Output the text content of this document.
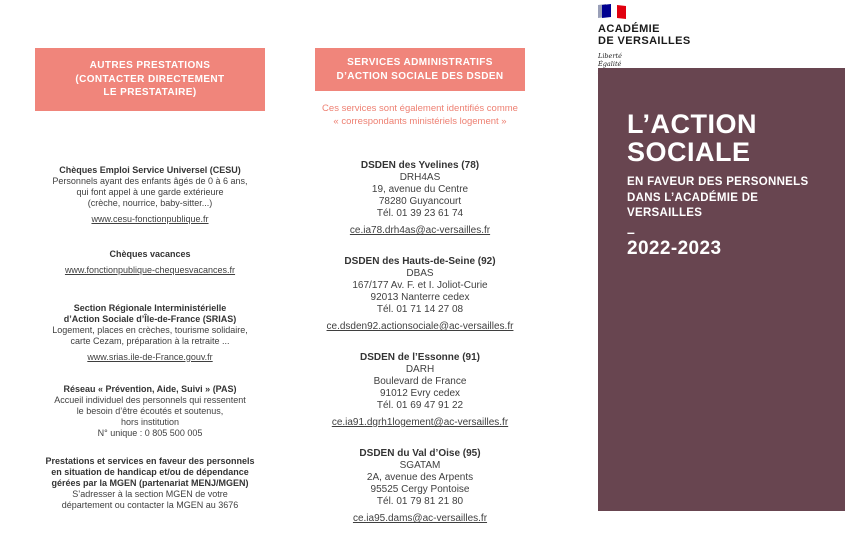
ACADÉMIE
DE VERSAILLES
Liberté
Égalité
AUTRES PRESTATIONS
(CONTACTER DIRECTEMENT
LE PRESTATAIRE)
Chèques Emploi Service Universel (CESU)
Personnels ayant des enfants âgés de 0 à 6 ans,
qui font appel à une garde extérieure
(crèche, nourrice, baby-sitter...)
www.cesu-fonctionpublique.fr
Chèques vacances
www.fonctionpublique-chequesvacances.fr
Section Régionale Interministérielle
d’Action Sociale d’Île-de-France (SRIAS)
Logement, places en crèches, tourisme solidaire,
carte Cezam, préparation à la retraite ...
www.srias.ile-de-France.gouv.fr
Réseau « Prévention, Aide, Suivi » (PAS)
Accueil individuel des personnels qui ressentent
le besoin d’être écoutés et soutenus,
hors institution
N° unique : 0 805 500 005
Prestations et services en faveur des personnels
en situation de handicap et/ou de dépendance
gérées par la MGEN (partenariat MENJ/MGEN)
S’adresser à la section MGEN de votre
département ou contacter la MGEN au 3676
SERVICES ADMINISTRATIFS
D’ACTION SOCIALE DES DSDEN
Ces services sont également identifiés comme
« correspondants ministériels logement »
DSDEN des Yvelines (78)
DRH4AS
19, avenue du Centre
78280 Guyancourt
Tél. 01 39 23 61 74
ce.ia78.drh4as@ac-versailles.fr
DSDEN des Hauts-de-Seine (92)
DBAS
167/177 Av. F. et I. Joliot-Curie
92013 Nanterre cedex
Tél. 01 71 14 27 08
ce.dsden92.actionsociale@ac-versailles.fr
DSDEN de l’Essonne (91)
DARH
Boulevard de France
91012 Evry cedex
Tél. 01 69 47 91 22
ce.ia91.dgrh1logement@ac-versailles.fr
DSDEN du Val d’Oise (95)
SGATAM
2A, avenue des Arpents
95525 Cergy Pontoise
Tél. 01 79 81 21 80
ce.ia95.dams@ac-versailles.fr
L’ACTION
SOCIALE
EN FAVEUR DES PERSONNELS
DANS L’ACADÉMIE DE VERSAILLES
–
2022-2023
